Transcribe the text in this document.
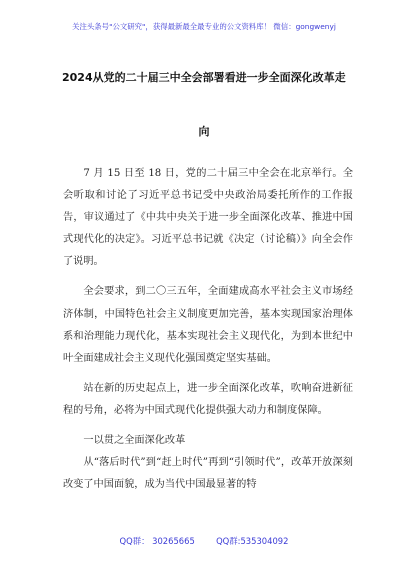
关注头条号"公文研究"，获得最新最全最专业的公文资料库！ 微信：gongwenyj
2024从党的二十届三中全会部署看进一步全面深化改革走
向

7 月 15 日至 18 日，党的二十届三中全会在北京举行。全会听取和讨论了习近平总书记受中央政治局委托所作的工作报告，审议通过了《中共中央关于进一步全面深化改革、推进中国式现代化的决定》。习近平总书记就《决定（讨论稿）》向全会作了说明。

全会要求，到二〇三五年，全面建成高水平社会主义市场经济体制，中国特色社会主义制度更加完善，基本实现国家治理体系和治理能力现代化，基本实现社会主义现代化，为到本世纪中叶全面建成社会主义现代化强国奠定坚实基础。

站在新的历史起点上，进一步全面深化改革，吹响奋进新征程的号角，必将为中国式现代化提供强大动力和制度保障。

一以贯之全面深化改革

从“落后时代”到“赶上时代”再到“引领时代”，改革开放深刻改变了中国面貌，成为当代中国最显著的特

QQ群： 30265665	QQ群:535304092
